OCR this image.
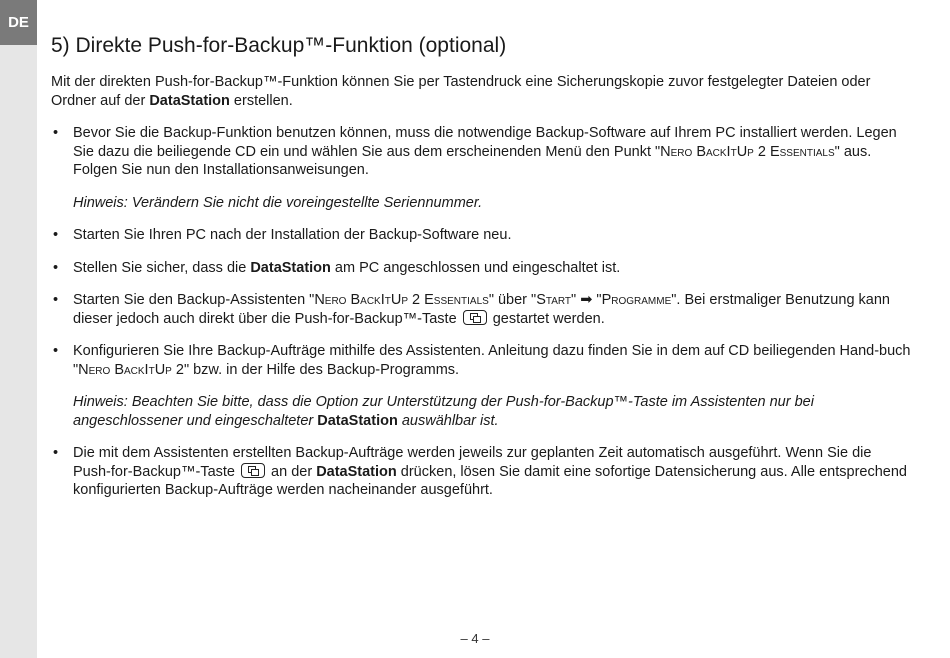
DE
5) Direkte Push-for-Backup™-Funktion (optional)

Mit der direkten Push-for-Backup™-Funktion können Sie per Tastendruck eine Sicherungskopie zuvor festgelegter Dateien oder Ordner auf der DataStation erstellen.

• Bevor Sie die Backup-Funktion benutzen können, muss die notwendige Backup-Software auf Ihrem PC installiert werden. Legen Sie dazu die beiliegende CD ein und wählen Sie aus dem erscheinenden Menü den Punkt "Nero BackItUp 2 Essentials" aus. Folgen Sie nun den Installationsanweisungen.

Hinweis: Verändern Sie nicht die voreingestellte Seriennummer.

• Starten Sie Ihren PC nach der Installation der Backup-Software neu.
• Stellen Sie sicher, dass die DataStation am PC angeschlossen und eingeschaltet ist.
• Starten Sie den Backup-Assistenten "Nero BackItUp 2 Essentials" über "Start" ➡ "Programme". Bei erstmaliger Benutzung kann dieser jedoch auch direkt über die Push-for-Backup™-Taste  gestartet werden.
• Konfigurieren Sie Ihre Backup-Aufträge mithilfe des Assistenten. Anleitung dazu finden Sie in dem auf CD beiliegenden Hand-buch "Nero BackItUp 2" bzw. in der Hilfe des Backup-Programms.

Hinweis: Beachten Sie bitte, dass die Option zur Unterstützung der Push-for-Backup™-Taste im Assistenten nur bei angeschlossener und eingeschalteter DataStation auswählbar ist.

• Die mit dem Assistenten erstellten Backup-Aufträge werden jeweils zur geplanten Zeit automatisch ausgeführt. Wenn Sie die Push-for-Backup™-Taste  an der DataStation drücken, lösen Sie damit eine sofortige Datensicherung aus. Alle entsprechend konfigurierten Backup-Aufträge werden nacheinander ausgeführt.
– 4 –
